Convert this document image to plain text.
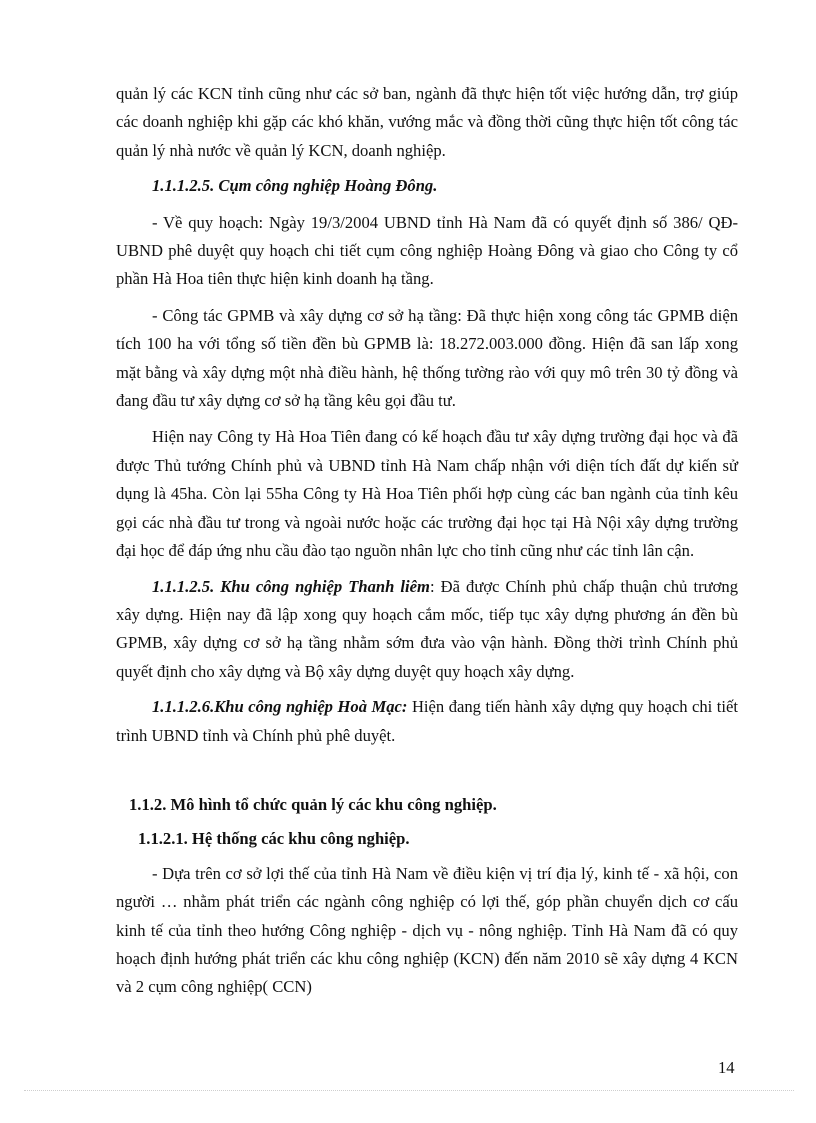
quản lý các KCN tỉnh cũng như các sở ban, ngành đã thực hiện tốt việc hướng dẫn, trợ giúp các doanh nghiệp khi gặp các khó khăn, vướng mắc và đồng thời cũng thực hiện tốt công tác quản lý nhà nước về quản lý KCN, doanh nghiệp.

1.1.1.2.5. Cụm công nghiệp Hoàng Đông.

- Về quy hoạch: Ngày 19/3/2004 UBND tỉnh Hà Nam đã có quyết định số 386/ QĐ- UBND phê duyệt quy hoạch chi tiết cụm công nghiệp Hoàng Đông và giao cho Công ty cổ phần Hà Hoa tiên thực hiện kinh doanh hạ tầng.

- Công tác GPMB và xây dựng cơ sở hạ tầng: Đã thực hiện xong công tác GPMB diện tích 100 ha với tổng số tiền đền bù GPMB là: 18.272.003.000 đồng. Hiện đã san lấp xong mặt bằng và xây dựng một nhà điều hành, hệ thống tường rào với quy mô trên 30 tỷ đồng và đang đầu tư xây dựng cơ sở hạ tầng kêu gọi đầu tư.

Hiện nay Công ty Hà Hoa Tiên đang có kế hoạch đầu tư xây dựng trường đại học và đã được Thủ tướng Chính phủ và UBND tỉnh Hà Nam chấp nhận với diện tích đất dự kiến sử dụng là 45ha. Còn lại 55ha Công ty Hà Hoa Tiên phối hợp cùng các ban ngành của tỉnh kêu gọi các nhà đầu tư trong và ngoài nước hoặc các trường đại học tại Hà Nội xây dựng trường đại học để đáp ứng nhu cầu đào tạo nguồn nhân lực cho tỉnh cũng như các tỉnh lân cận.

1.1.1.2.5. Khu công nghiệp Thanh liêm: Đã được Chính phủ chấp thuận chủ trương xây dựng. Hiện nay đã lập xong quy hoạch cắm mốc, tiếp tục xây dựng phương án đền bù GPMB, xây dựng cơ sở hạ tầng nhằm sớm đưa vào vận hành. Đồng thời trình Chính phủ quyết định cho xây dựng và Bộ xây dựng duyệt quy hoạch xây dựng.

1.1.1.2.6.Khu công nghiệp Hoà Mạc: Hiện đang tiến hành xây dựng quy hoạch chi tiết trình UBND tỉnh và Chính phủ phê duyệt.

1.1.2. Mô hình tổ chức quản lý các khu công nghiệp.
1.1.2.1. Hệ thống các khu công nghiệp.

- Dựa trên cơ sở lợi thế của tỉnh Hà Nam về điều kiện vị trí địa lý, kinh tế - xã hội, con người … nhằm phát triển các ngành công nghiệp có lợi thế, góp phần chuyển dịch cơ cấu kinh tế của tỉnh theo hướng Công nghiệp - dịch vụ - nông nghiệp. Tỉnh Hà Nam đã có quy hoạch định hướng phát triển các khu công nghiệp (KCN) đến năm 2010 sẽ xây dựng 4 KCN và 2 cụm công nghiệp( CCN)

14
